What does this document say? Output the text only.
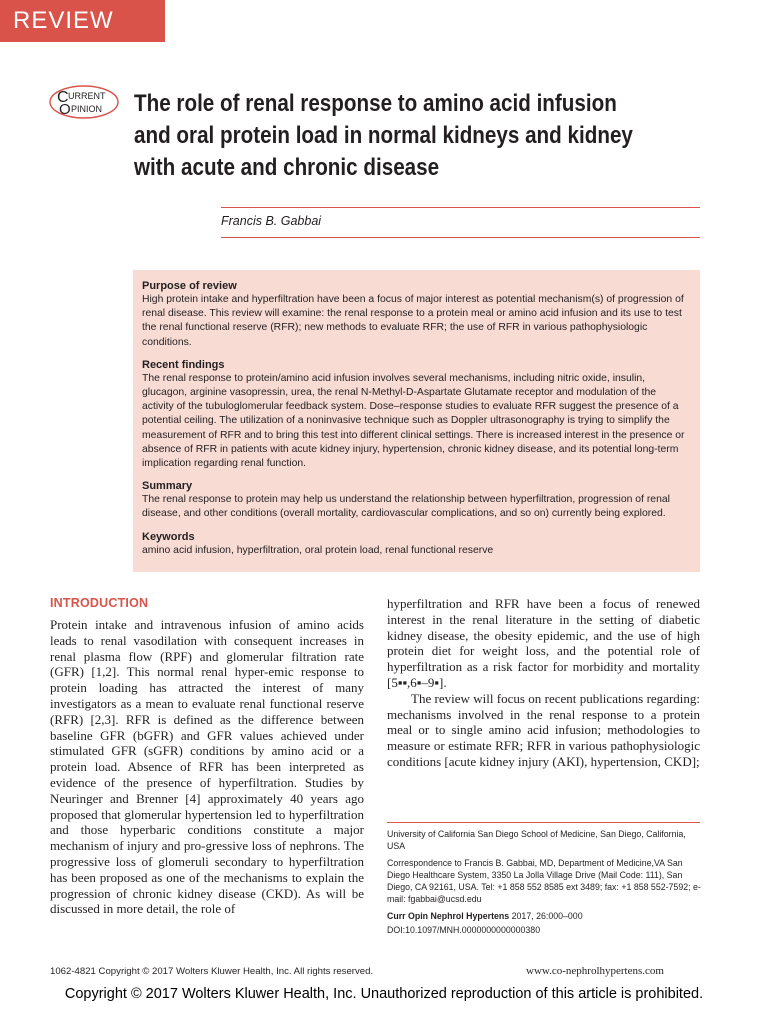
REVIEW
C URRENT
O PINION The role of renal response to amino acid infusion
and oral protein load in normal kidneys and kidney
with acute and chronic disease
Francis B. Gabbai
Purpose of review

High protein intake and hyperfiltration have been a focus of major interest as potential mechanism(s) of progression of renal disease. This review will examine: the renal response to a protein meal or amino acid infusion and its use to test the renal functional reserve (RFR); new methods to evaluate RFR; the use of RFR in various pathophysiologic conditions.

Recent findings

The renal response to protein/amino acid infusion involves several mechanisms, including nitric oxide, insulin, glucagon, arginine vasopressin, urea, the renal N-Methyl-D-Aspartate Glutamate receptor and modulation of the activity of the tubuloglomerular feedback system. Dose–response studies to evaluate RFR suggest the presence of a potential ceiling. The utilization of a noninvasive technique such as Doppler ultrasonography is trying to simplify the measurement of RFR and to bring this test into different clinical settings. There is increased interest in the presence or absence of RFR in patients with acute kidney injury, hypertension, chronic kidney disease, and its potential long-term implication regarding renal function.

Summary

The renal response to protein may help us understand the relationship between hyperfiltration, progression of renal disease, and other conditions (overall mortality, cardiovascular complications, and so on) currently being explored.

Keywords

amino acid infusion, hyperfiltration, oral protein load, renal functional reserve

INTRODUCTION

Protein intake and intravenous infusion of amino acids leads to renal vasodilation with consequent increases in renal plasma flow (RPF) and glomerular filtration rate (GFR) [1,2]. This normal renal hyper-emic response to protein loading has attracted the interest of many investigators as a mean to evaluate renal functional reserve (RFR) [2,3]. RFR is defined as the difference between baseline GFR (bGFR) and GFR values achieved under stimulated GFR (sGFR) conditions by amino acid or a protein load. Absence of RFR has been interpreted as evidence of the presence of hyperfiltration. Studies by Neuringer and Brenner [4] approximately 40 years ago proposed that glomerular hypertension led to hyperfiltration and those hyperbaric conditions constitute a major mechanism of injury and pro-gressive loss of nephrons. The progressive loss of glomeruli secondary to hyperfiltration has been proposed as one of the mechanisms to explain the progression of chronic kidney disease (CKD). As will be discussed in more detail, the role of

hyperfiltration and RFR have been a focus of renewed interest in the renal literature in the setting of diabetic kidney disease, the obesity epidemic, and the use of high protein diet for weight loss, and the potential role of hyperfiltration as a risk factor for morbidity and mortality [5▪▪,6▪–9▪].

The review will focus on recent publications regarding: mechanisms involved in the renal response to a protein meal or to single amino acid infusion; methodologies to measure or estimate RFR; RFR in various pathophysiologic conditions [acute kidney injury (AKI), hypertension, CKD];

University of California San Diego School of Medicine, San Diego, California, USA

Correspondence to Francis B. Gabbai, MD, Department of Medicine,VA San Diego Healthcare System, 3350 La Jolla Village Drive (Mail Code: 111), San Diego, CA 92161, USA. Tel: +1 858 552 8585 ext 3489; fax: +1 858 552-7592; e-mail: fgabbai@ucsd.edu

Curr Opin Nephrol Hypertens 2017, 26:000–000

DOI:10.1097/MNH.0000000000000380

1062-4821 Copyright © 2017 Wolters Kluwer Health, Inc. All rights reserved.	www.co-nephrolhypertens.com
Copyright © 2017 Wolters Kluwer Health, Inc. Unauthorized reproduction of this article is prohibited.
